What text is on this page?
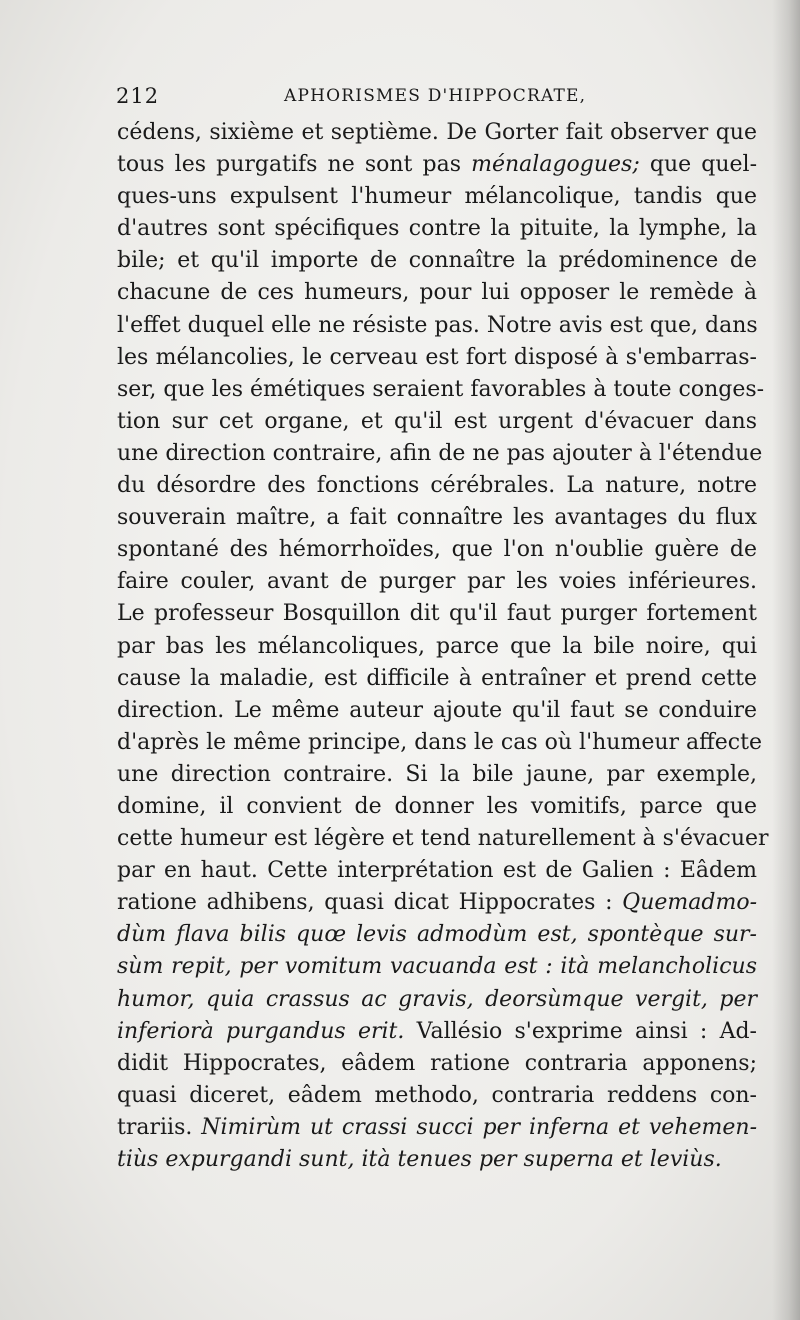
212	APHORISMES D'HIPPOCRATE,
cédens, sixième et septième. De Gorter fait observer que
tous les purgatifs ne sont pas ménalagogues; que quel-
ques-uns expulsent l'humeur mélancolique, tandis que
d'autres sont spécifiques contre la pituite, la lymphe, la
bile; et qu'il importe de connaître la prédominence de
chacune de ces humeurs, pour lui opposer le remède à
l'effet duquel elle ne résiste pas. Notre avis est que, dans
les mélancolies, le cerveau est fort disposé à s'embarras-
ser, que les émétiques seraient favorables à toute conges-
tion sur cet organe, et qu'il est urgent d'évacuer dans
une direction contraire, afin de ne pas ajouter à l'étendue
du désordre des fonctions cérébrales. La nature, notre
souverain maître, a fait connaître les avantages du flux
spontané des hémorrhoïdes, que l'on n'oublie guère de
faire couler, avant de purger par les voies inférieures.
Le professeur Bosquillon dit qu'il faut purger fortement
par bas les mélancoliques, parce que la bile noire, qui
cause la maladie, est difficile à entraîner et prend cette
direction. Le même auteur ajoute qu'il faut se conduire
d'après le même principe, dans le cas où l'humeur affecte
une direction contraire. Si la bile jaune, par exemple,
domine, il convient de donner les vomitifs, parce que
cette humeur est légère et tend naturellement à s'évacuer
par en haut. Cette interprétation est de Galien : Eâdem
ratione adhibens, quasi dicat Hippocrates : Quemadmo-
dùm flava bilis quœ levis admodùm est, spontèque sur-
sùm repit, per vomitum vacuanda est : ità melancholicus
humor, quia crassus ac gravis, deorsùmque vergit, per
inferiorà purgandus erit. Vallésio s'exprime ainsi : Ad-
didit Hippocrates, eâdem ratione contraria apponens;
quasi diceret, eâdem methodo, contraria reddens con-
trariis. Nimirùm ut crassi succi per inferna et vehemen-
tiùs expurgandi sunt, ità tenues per superna et leviùs.
